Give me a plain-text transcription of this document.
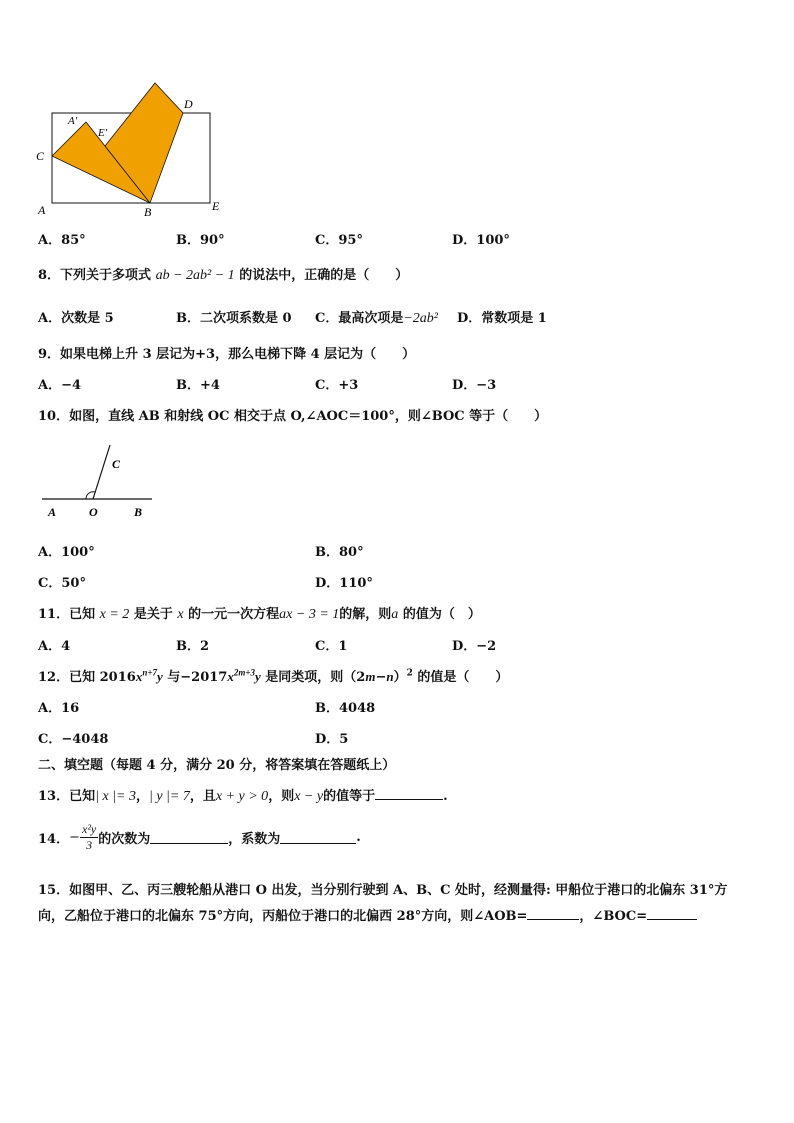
C
A′
E′
D
A	B	E
A．85°	B．90°	C．95°	D．100°
8．下列关于多项式 ab − 2ab² − 1 的说法中，正确的是（　　）
A．次数是 5	B．二次项系数是 0 C．最高次项是−2ab² D．常数项是 1
9．如果电梯上升 3 层记为+3，那么电梯下降 4 层记为（　　）
A．−4	B．+4	C．+3	D．−3
10．如图，直线 AB 和射线 OC 相交于点 O,∠AOC＝100°，则∠BOC 等于（　　）
C
A	O	B
A．100°	B．80°
C．50°	D．110°
11．已知 x = 2 是关于 x 的一元一次方程ax − 3 = 1的解，则a 的值为（　）
A．4	B．2	C．1	D．−2
12．已知 $2016x^{n+7}y$ 与$-2017x^{2m+3}y$ 是同类项，则$(2m-n)^2$ 的值是（　　）
A．16	B．4048
C．−4048	D．5
二、填空题（每题 4 分，满分 20 分，将答案填在答题纸上）
13．已知| x |= 3，| y |= 7，且x + y > 0，则x − y的值等于	.
14．− $\frac{\text{x²y}}{3}$ 的次数为	，系数为	.
15．如图甲、乙、丙三艘轮船从港口 O 出发，当分别行驶到 A、B、C 处时，经测量得: 甲船位于港口的北偏东 31°方
向，乙船位于港口的北偏东 75°方向，丙船位于港口的北偏西 28°方向，则∠AOB=	，∠BOC=
